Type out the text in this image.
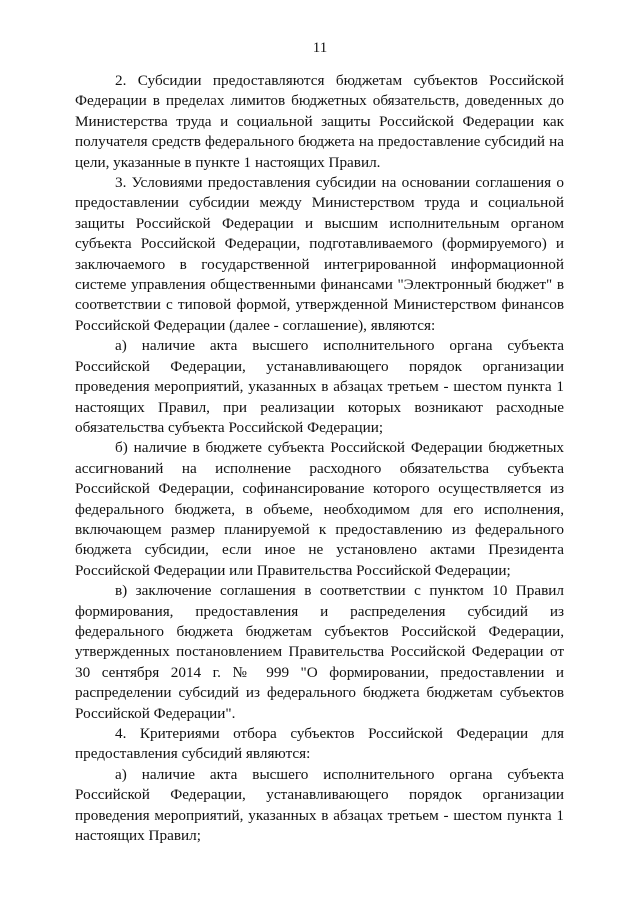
11

2. Субсидии предоставляются бюджетам субъектов Российской Федерации в пределах лимитов бюджетных обязательств, доведенных до Министерства труда и социальной защиты Российской Федерации как получателя средств федерального бюджета на предоставление субсидий на цели, указанные в пункте 1 настоящих Правил.

3. Условиями предоставления субсидии на основании соглашения о предоставлении субсидии между Министерством труда и социальной защиты Российской Федерации и высшим исполнительным органом субъекта Российской Федерации, подготавливаемого (формируемого) и заключаемого в государственной интегрированной информационной системе управления общественными финансами "Электронный бюджет" в соответствии с типовой формой, утвержденной Министерством финансов Российской Федерации (далее - соглашение), являются:

а) наличие акта высшего исполнительного органа субъекта Российской Федерации, устанавливающего порядок организации проведения мероприятий, указанных в абзацах третьем - шестом пункта 1 настоящих Правил, при реализации которых возникают расходные обязательства субъекта Российской Федерации;

б) наличие в бюджете субъекта Российской Федерации бюджетных ассигнований на исполнение расходного обязательства субъекта Российской Федерации, софинансирование которого осуществляется из федерального бюджета, в объеме, необходимом для его исполнения, включающем размер планируемой к предоставлению из федерального бюджета субсидии, если иное не установлено актами Президента Российской Федерации или Правительства Российской Федерации;

в) заключение соглашения в соответствии с пунктом 10 Правил формирования, предоставления и распределения субсидий из федерального бюджета бюджетам субъектов Российской Федерации, утвержденных постановлением Правительства Российской Федерации от 30 сентября 2014 г. № 999 "О формировании, предоставлении и распределении субсидий из федерального бюджета бюджетам субъектов Российской Федерации".

4. Критериями отбора субъектов Российской Федерации для предоставления субсидий являются:

а) наличие акта высшего исполнительного органа субъекта Российской Федерации, устанавливающего порядок организации проведения мероприятий, указанных в абзацах третьем - шестом пункта 1 настоящих Правил;
